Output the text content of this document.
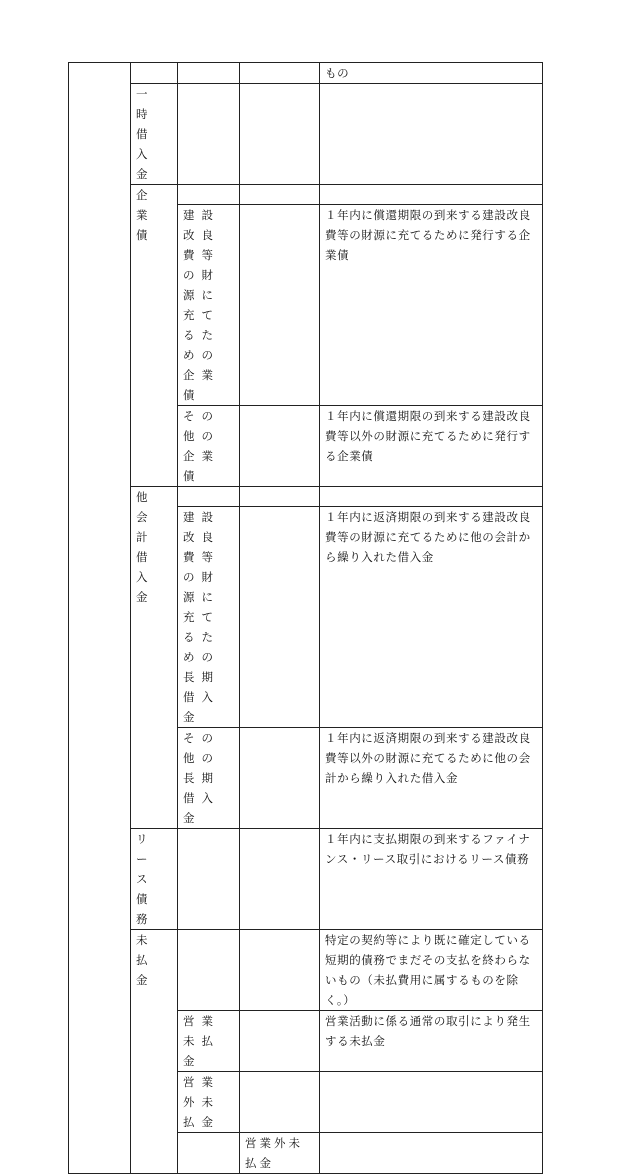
				もの
	一時借入金			
	企業債			
		建設改良費等の財源に充てるための企業債		１年内に償還期限の到来する建設改良費等の財源に充てるために発行する企業債
		その他の企業債		１年内に償還期限の到来する建設改良費等以外の財源に充てるために発行する企業債
	他会計借入金			
		建設改良費等の財源に充てるための長期借入金		１年内に返済期限の到来する建設改良費等の財源に充てるために他の会計から繰り入れた借入金
		その他の長期借入金		１年内に返済期限の到来する建設改良費等以外の財源に充てるために他の会計から繰り入れた借入金
	リース債務			１年内に支払期限の到来するファイナンス・リース取引におけるリース債務
	未払金			特定の契約等により既に確定している短期的債務でまだその支払を終わらないもの（未払費用に属するものを除く。）
		営業未払金		営業活動に係る通常の取引により発生する未払金
		営業外未払金		
			営業外未払金	
